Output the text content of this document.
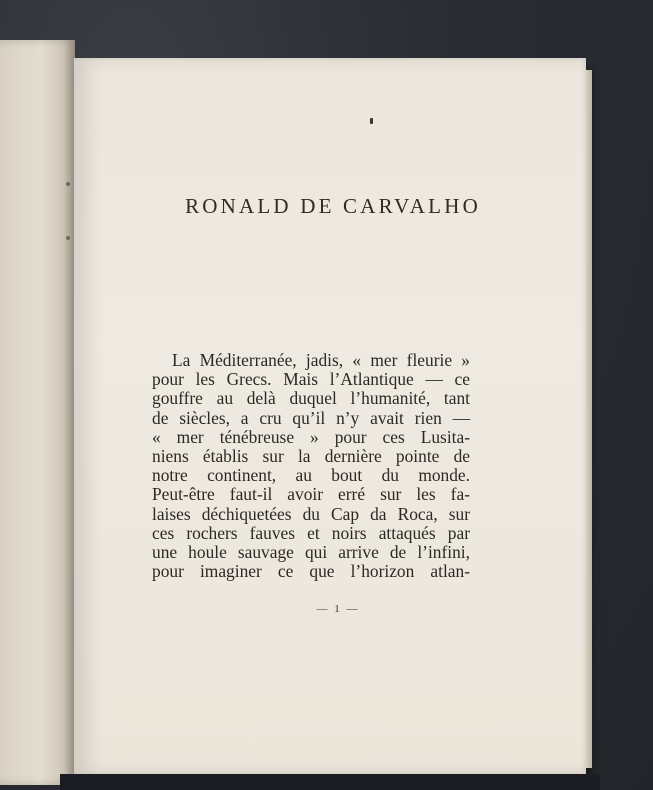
RONALD DE CARVALHO
La Méditerranée, jadis, « mer fleurie »
pour les Grecs. Mais l’Atlantique — ce
gouffre au delà duquel l’humanité, tant
de siècles, a cru qu’il n’y avait rien —
« mer ténébreuse » pour ces Lusita-
niens établis sur la dernière pointe de
notre continent, au bout du monde.
Peut-être faut-il avoir erré sur les fa-
laises déchiquetées du Cap da Roca, sur
ces rochers fauves et noirs attaqués par
une houle sauvage qui arrive de l’infini,
pour imaginer ce que l’horizon atlan-
— 1 —
